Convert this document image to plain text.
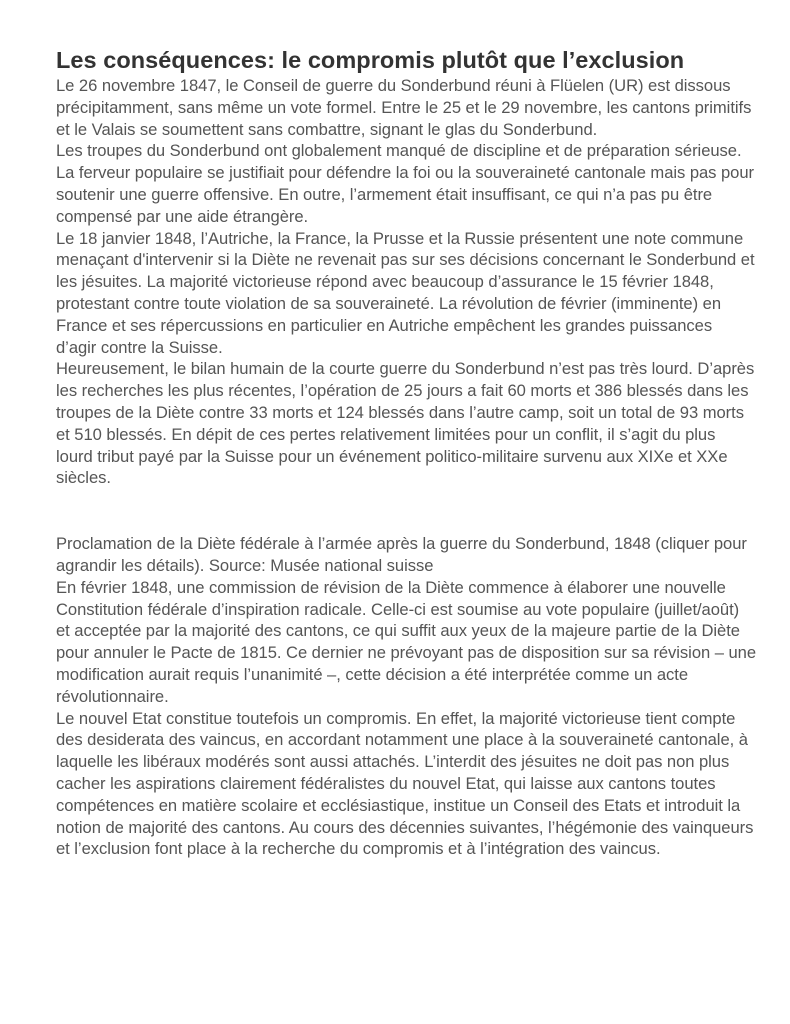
Les conséquences: le compromis plutôt que l’exclusion

Le 26 novembre 1847, le Conseil de guerre du Sonderbund réuni à Flüelen (UR) est dissous précipitamment, sans même un vote formel. Entre le 25 et le 29 novembre, les cantons primitifs et le Valais se soumettent sans combattre, signant le glas du Sonderbund.

Les troupes du Sonderbund ont globalement manqué de discipline et de préparation sérieuse. La ferveur populaire se justifiait pour défendre la foi ou la souveraineté cantonale mais pas pour soutenir une guerre offensive. En outre, l’armement était insuffisant, ce qui n’a pas pu être compensé par une aide étrangère.

Le 18 janvier 1848, l’Autriche, la France, la Prusse et la Russie présentent une note commune menaçant d'intervenir si la Diète ne revenait pas sur ses décisions concernant le Sonderbund et les jésuites. La majorité victorieuse répond avec beaucoup d’assurance le 15 février 1848, protestant contre toute violation de sa souveraineté. La révolution de février (imminente) en France et ses répercussions en particulier en Autriche empêchent les grandes puissances d’agir contre la Suisse.

Heureusement, le bilan humain de la courte guerre du Sonderbund n’est pas très lourd. D’après les recherches les plus récentes, l’opération de 25 jours a fait 60 morts et 386 blessés dans les troupes de la Diète contre 33 morts et 124 blessés dans l’autre camp, soit un total de 93 morts et 510 blessés. En dépit de ces pertes relativement limitées pour un conflit, il s’agit du plus lourd tribut payé par la Suisse pour un événement politico-militaire survenu aux XIXe et XXe siècles.

Proclamation de la Diète fédérale à l’armée après la guerre du Sonderbund, 1848 (cliquer pour agrandir les détails). Source: Musée national suisse

En février 1848, une commission de révision de la Diète commence à élaborer une nouvelle Constitution fédérale d’inspiration radicale. Celle-ci est soumise au vote populaire (juillet/août) et acceptée par la majorité des cantons, ce qui suffit aux yeux de la majeure partie de la Diète pour annuler le Pacte de 1815. Ce dernier ne prévoyant pas de disposition sur sa révision – une modification aurait requis l’unanimité –, cette décision a été interprétée comme un acte révolutionnaire.

Le nouvel Etat constitue toutefois un compromis. En effet, la majorité victorieuse tient compte des desiderata des vaincus, en accordant notamment une place à la souveraineté cantonale, à laquelle les libéraux modérés sont aussi attachés. L’interdit des jésuites ne doit pas non plus cacher les aspirations clairement fédéralistes du nouvel Etat, qui laisse aux cantons toutes compétences en matière scolaire et ecclésiastique, institue un Conseil des Etats et introduit la notion de majorité des cantons. Au cours des décennies suivantes, l’hégémonie des vainqueurs et l’exclusion font place à la recherche du compromis et à l’intégration des vaincus.
